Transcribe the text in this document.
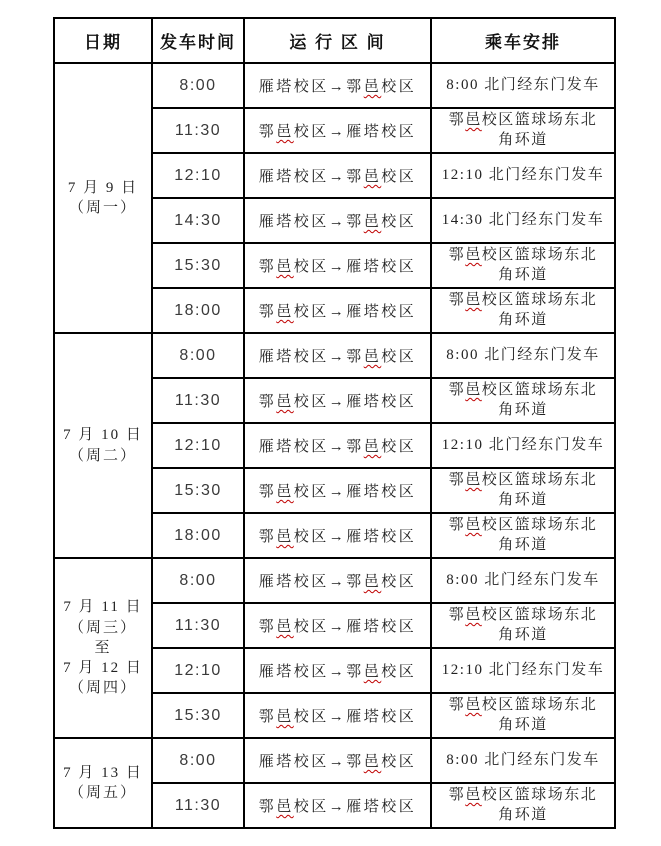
日期	发车时间	运 行 区 间	乘车安排
7 月 9 日
（周一）	8:00	雁塔校区→鄠邑校区	8:00 北门经东门发车
	11:30	鄠邑校区→雁塔校区	鄠邑校区篮球场东北
角环道
	12:10	雁塔校区→鄠邑校区	12:10 北门经东门发车
	14:30	雁塔校区→鄠邑校区	14:30 北门经东门发车
	15:30	鄠邑校区→雁塔校区	鄠邑校区篮球场东北
角环道
	18:00	鄠邑校区→雁塔校区	鄠邑校区篮球场东北
角环道
7 月 10 日
（周二）	8:00	雁塔校区→鄠邑校区	8:00 北门经东门发车
	11:30	鄠邑校区→雁塔校区	鄠邑校区篮球场东北
角环道
	12:10	雁塔校区→鄠邑校区	12:10 北门经东门发车
	15:30	鄠邑校区→雁塔校区	鄠邑校区篮球场东北
角环道
	18:00	鄠邑校区→雁塔校区	鄠邑校区篮球场东北
角环道
7 月 11 日
（周三）
至
7 月 12 日
（周四）	8:00	雁塔校区→鄠邑校区	8:00 北门经东门发车
	11:30	鄠邑校区→雁塔校区	鄠邑校区篮球场东北
角环道
	12:10	雁塔校区→鄠邑校区	12:10 北门经东门发车
	15:30	鄠邑校区→雁塔校区	鄠邑校区篮球场东北
角环道
7 月 13 日
（周五）	8:00	雁塔校区→鄠邑校区	8:00 北门经东门发车
	11:30	鄠邑校区→雁塔校区	鄠邑校区篮球场东北
角环道
